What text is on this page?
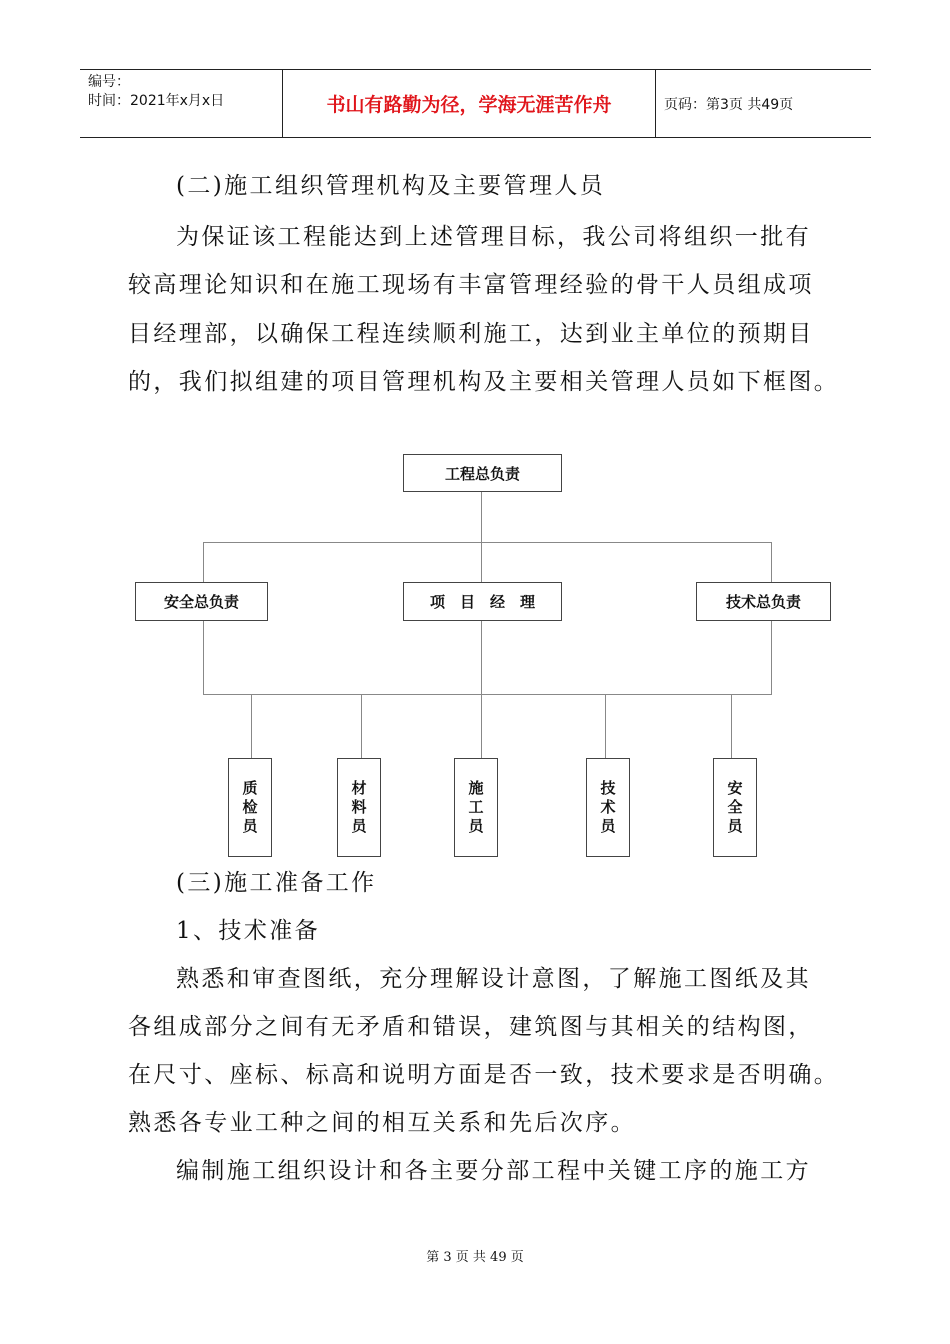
编号：
时间：2021年x月x日	书山有路勤为径，学海无涯苦作舟	页码：第3页 共49页
(二)施工组织管理机构及主要管理人员
为保证该工程能达到上述管理目标，我公司将组织一批有
较高理论知识和在施工现场有丰富管理经验的骨干人员组成项
目经理部，以确保工程连续顺利施工，达到业主单位的预期目
的，我们拟组建的项目管理机构及主要相关管理人员如下框图。
工程总负责
安全总负责	项　目　经　理	技术总负责
质
检
员
材
料
员
施
工
员
技
术
员
安
全
员
(三)施工准备工作
1、技术准备
熟悉和审查图纸，充分理解设计意图，了解施工图纸及其
各组成部分之间有无矛盾和错误，建筑图与其相关的结构图，
在尺寸、座标、标高和说明方面是否一致，技术要求是否明确。
熟悉各专业工种之间的相互关系和先后次序。
编制施工组织设计和各主要分部工程中关键工序的施工方
第 3 页 共 49 页
